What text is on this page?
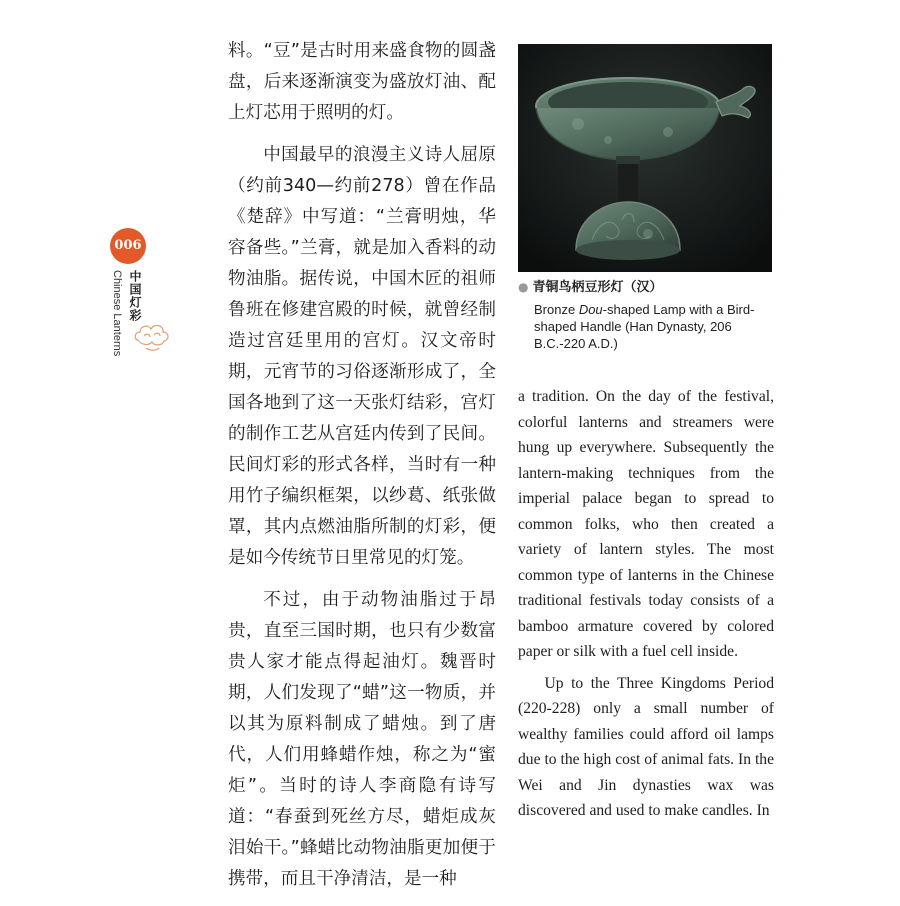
006
中国灯彩
Chinese Lanterns

料。“豆”是古时用来盛食物的圆盏盘，后来逐渐演变为盛放灯油、配上灯芯用于照明的灯。

中国最早的浪漫主义诗人屈原（约前340—约前278）曾在作品《楚辞》中写道：“兰膏明烛，华容备些。”兰膏，就是加入香料的动物油脂。据传说，中国木匠的祖师鲁班在修建宫殿的时候，就曾经制造过宫廷里用的宫灯。汉文帝时期，元宵节的习俗逐渐形成了，全国各地到了这一天张灯结彩，宫灯的制作工艺从宫廷内传到了民间。民间灯彩的形式各样，当时有一种用竹子编织框架，以纱葛、纸张做罩，其内点燃油脂所制的灯彩，便是如今传统节日里常见的灯笼。

不过，由于动物油脂过于昂贵，直至三国时期，也只有少数富贵人家才能点得起油灯。魏晋时期，人们发现了“蜡”这一物质，并以其为原料制成了蜡烛。到了唐代，人们用蜂蜡作烛，称之为“蜜炬”。当时的诗人李商隐有诗写道：“春蚕到死丝方尽，蜡炬成灰泪始干。”蜂蜡比动物油脂更加便于携带，而且干净清洁，是一种

● 青铜鸟柄豆形灯（汉）
Bronze Dou-shaped Lamp with a Bird-shaped Handle (Han Dynasty, 206 B.C.-220 A.D.)

a tradition. On the day of the festival, colorful lanterns and streamers were hung up everywhere. Subsequently the lantern-making techniques from the imperial palace began to spread to common folks, who then created a variety of lantern styles. The most common type of lanterns in the Chinese traditional festivals today consists of a bamboo armature covered by colored paper or silk with a fuel cell inside.

Up to the Three Kingdoms Period (220-228) only a small number of wealthy families could afford oil lamps due to the high cost of animal fats. In the Wei and Jin dynasties wax was discovered and used to make candles. In
